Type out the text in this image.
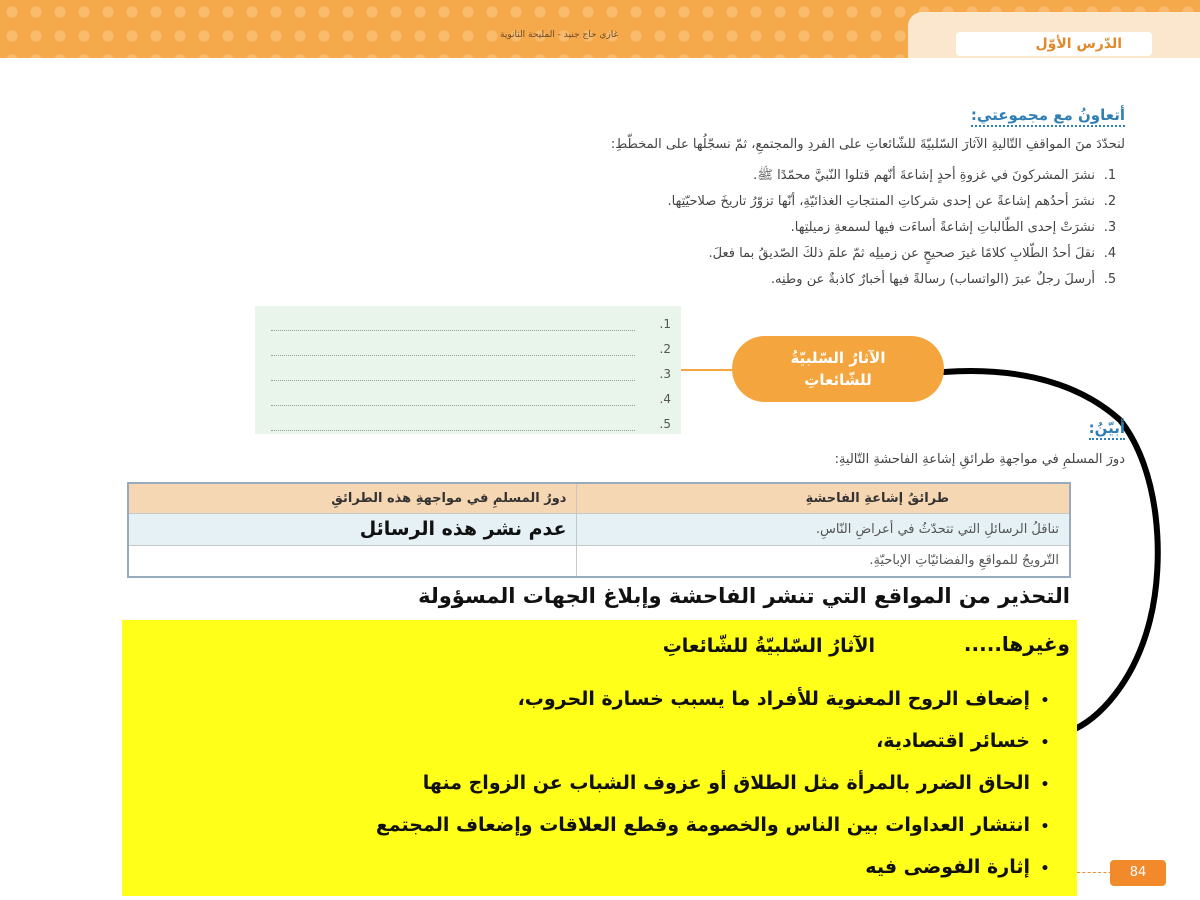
غازي حاج جنيد - المليحة الثانوية
الدّرس الأوّل
أتعاونُ مع مجموعتي:
لنحدّدَ منَ المواقفِ التّاليةِ الآثارَ السّلبيّةَ للشّائعاتِ على الفردِ والمجتمعِ، ثمّ نسجّلُها على المخطّطِ:
1.نشرَ المشركونَ في غزوةِ أحدٍ إشاعةَ أنّهم قتلوا النّبيَّ محمّدًا ﷺ.
2.نشرَ أحدُهم إشاعةً عن إحدى شركاتِ المنتجاتِ الغذائيّةِ، أنّها تزوّرُ تاريخَ صلاحيّتِها.
3.نشرَتْ إحدى الطّالباتِ إشاعةً أساءَت فيها لسمعةِ زميلتِها.
4.نقلَ أحدُ الطّلابِ كلامًا غيرَ صحيحٍ عن زميلِه ثمّ علمَ ذلكَ الصّديقُ بما فعلَ.
5.أرسلَ رجلٌ عبرَ (الواتساب) رسالةً فيها أخبارٌ كاذبةٌ عن وطنِه.
.1
.2
.3
.4
.5
الآثارُ السّلبيّةُ
للشّائعاتِ
أبيّنُ:
دورَ المسلمِ في مواجهةِ طرائقِ إشاعةِ الفاحشةِ التّاليةِ:
طرائقُ إشاعةِ الفاحشةِ	دورُ المسلمِ في مواجهةِ هذه الطرائقِ
تناقلُ الرسائلِ التي تتحدّثُ في أعراضِ النّاسِ.	عدم نشر هذه الرسائل
التّرويجُ للمواقعِ والفضائيّاتِ الإباحيّةِ.	
التحذير من المواقع التي تنشر الفاحشة وإبلاغ الجهات المسؤولة
وغيرها.....
الآثارُ السّلبيّةُ للشّائعاتِ
• إضعاف الروح المعنوية للأفراد ما يسبب خسارة الحروب،
• خسائر اقتصادية،
• الحاق الضرر بالمرأة مثل الطلاق أو عزوف الشباب عن الزواج منها
• انتشار العداوات بين الناس والخصومة وقطع العلاقات وإضعاف المجتمع
• إثارة الفوضى فيه	84
